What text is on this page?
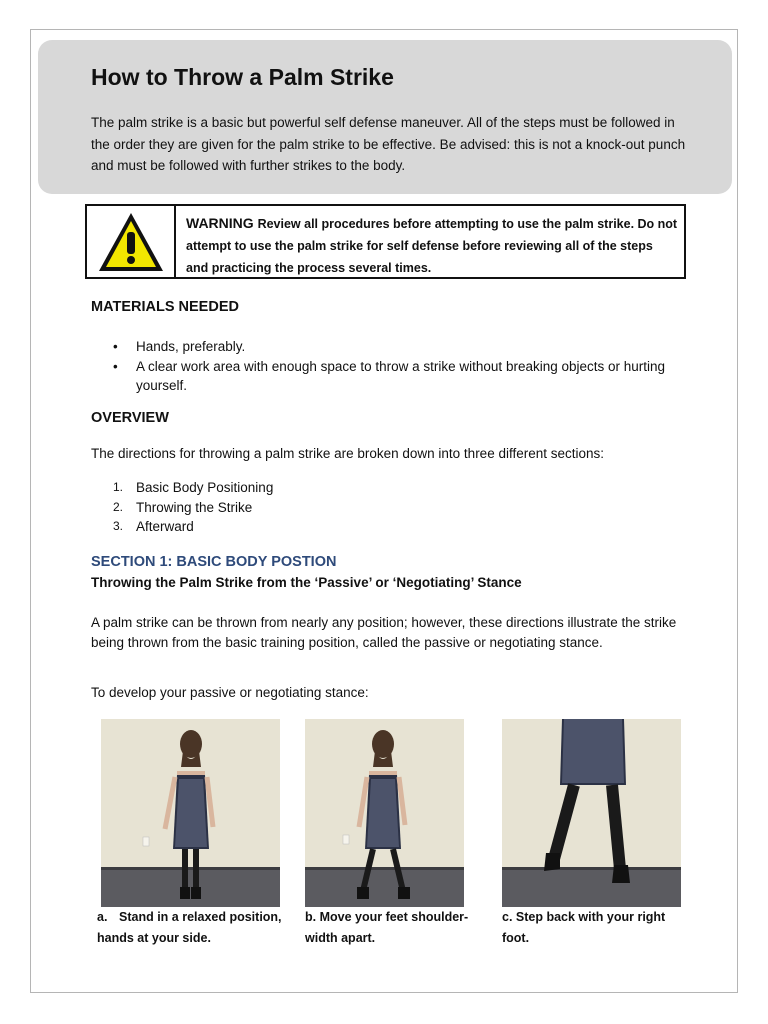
How to Throw a Palm Strike

The palm strike is a basic but powerful self defense maneuver. All of the steps must be followed in the order they are given for the palm strike to be effective. Be advised: this is not a knock-out punch and must be followed with further strikes to the body.

WARNING Review all procedures before attempting to use the palm strike. Do not attempt to use the palm strike for self defense before reviewing all of the steps and practicing the process several times.
MATERIALS NEEDED
• Hands, preferably.
• A clear work area with enough space to throw a strike without breaking objects or hurting yourself.
OVERVIEW

The directions for throwing a palm strike are broken down into three different sections:

1. Basic Body Positioning
2. Throwing the Strike
3. Afterward
SECTION 1: BASIC BODY POSTION
Throwing the Palm Strike from the ‘Passive’ or ‘Negotiating’ Stance

A palm strike can be thrown from nearly any position; however, these directions illustrate the strike being thrown from the basic training position, called the passive or negotiating stance.

To develop your passive or negotiating stance:

a. Stand in a relaxed position, hands at your side.
b. Move your feet shoulder-width apart.
c. Step back with your right foot.
